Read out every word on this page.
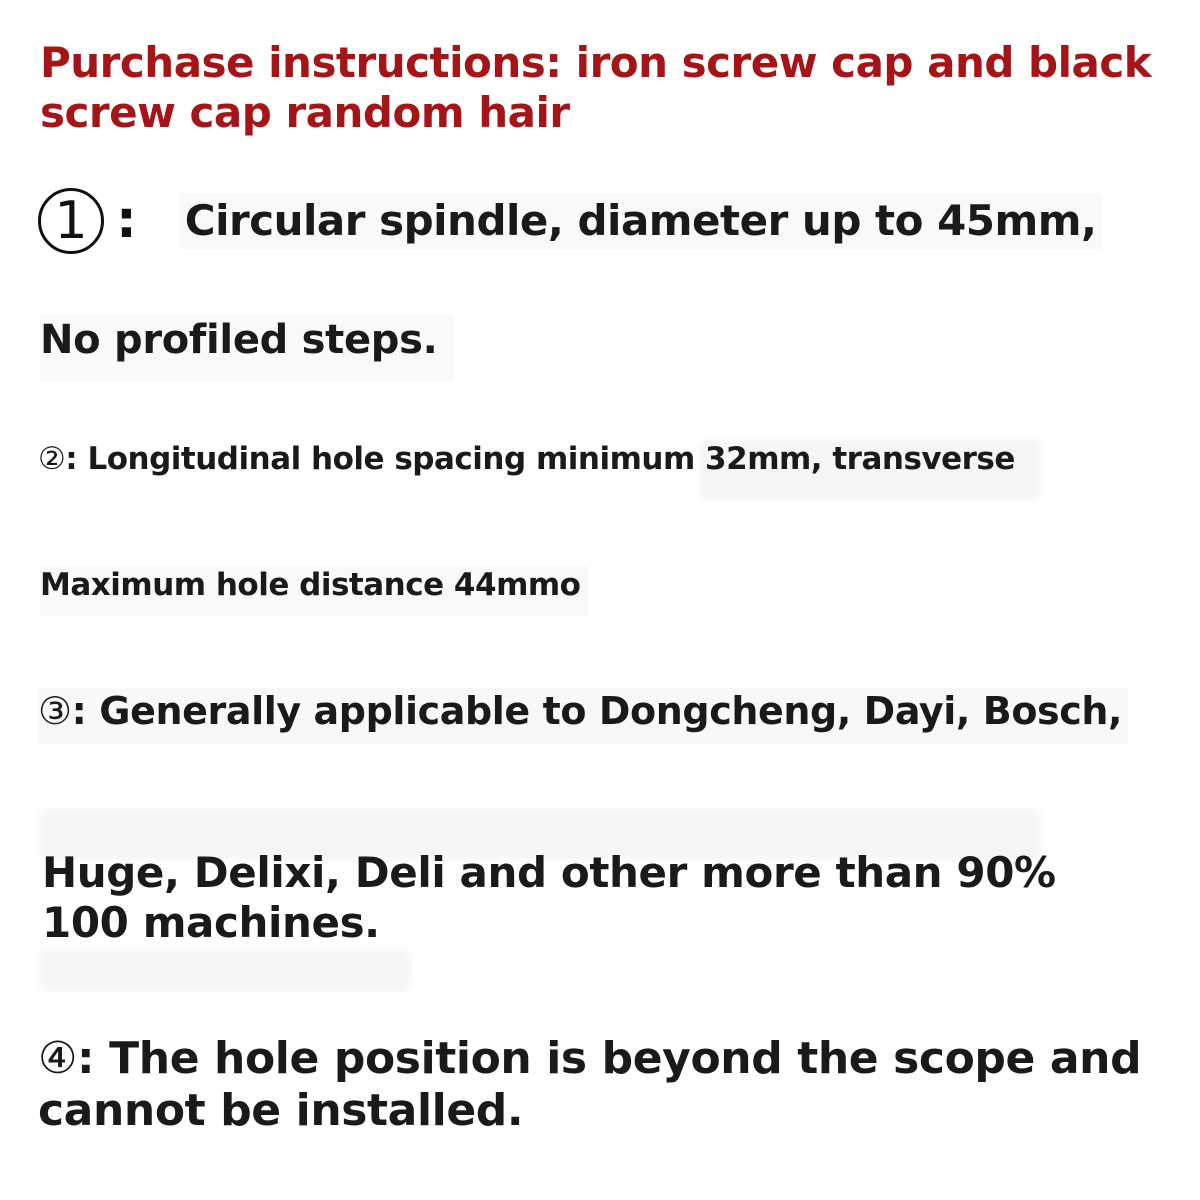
Purchase instructions: iron screw cap and black screw cap random hair
1 : Circular spindle, diameter up to 45mm,

No profiled steps.

②: Longitudinal hole spacing minimum 32mm, transverse

Maximum hole distance 44mmo

③: Generally applicable to Dongcheng, Dayi, Bosch,

Huge, Delixi, Deli and other more than 90% 100 machines.

④: The hole position is beyond the scope and cannot be installed.
